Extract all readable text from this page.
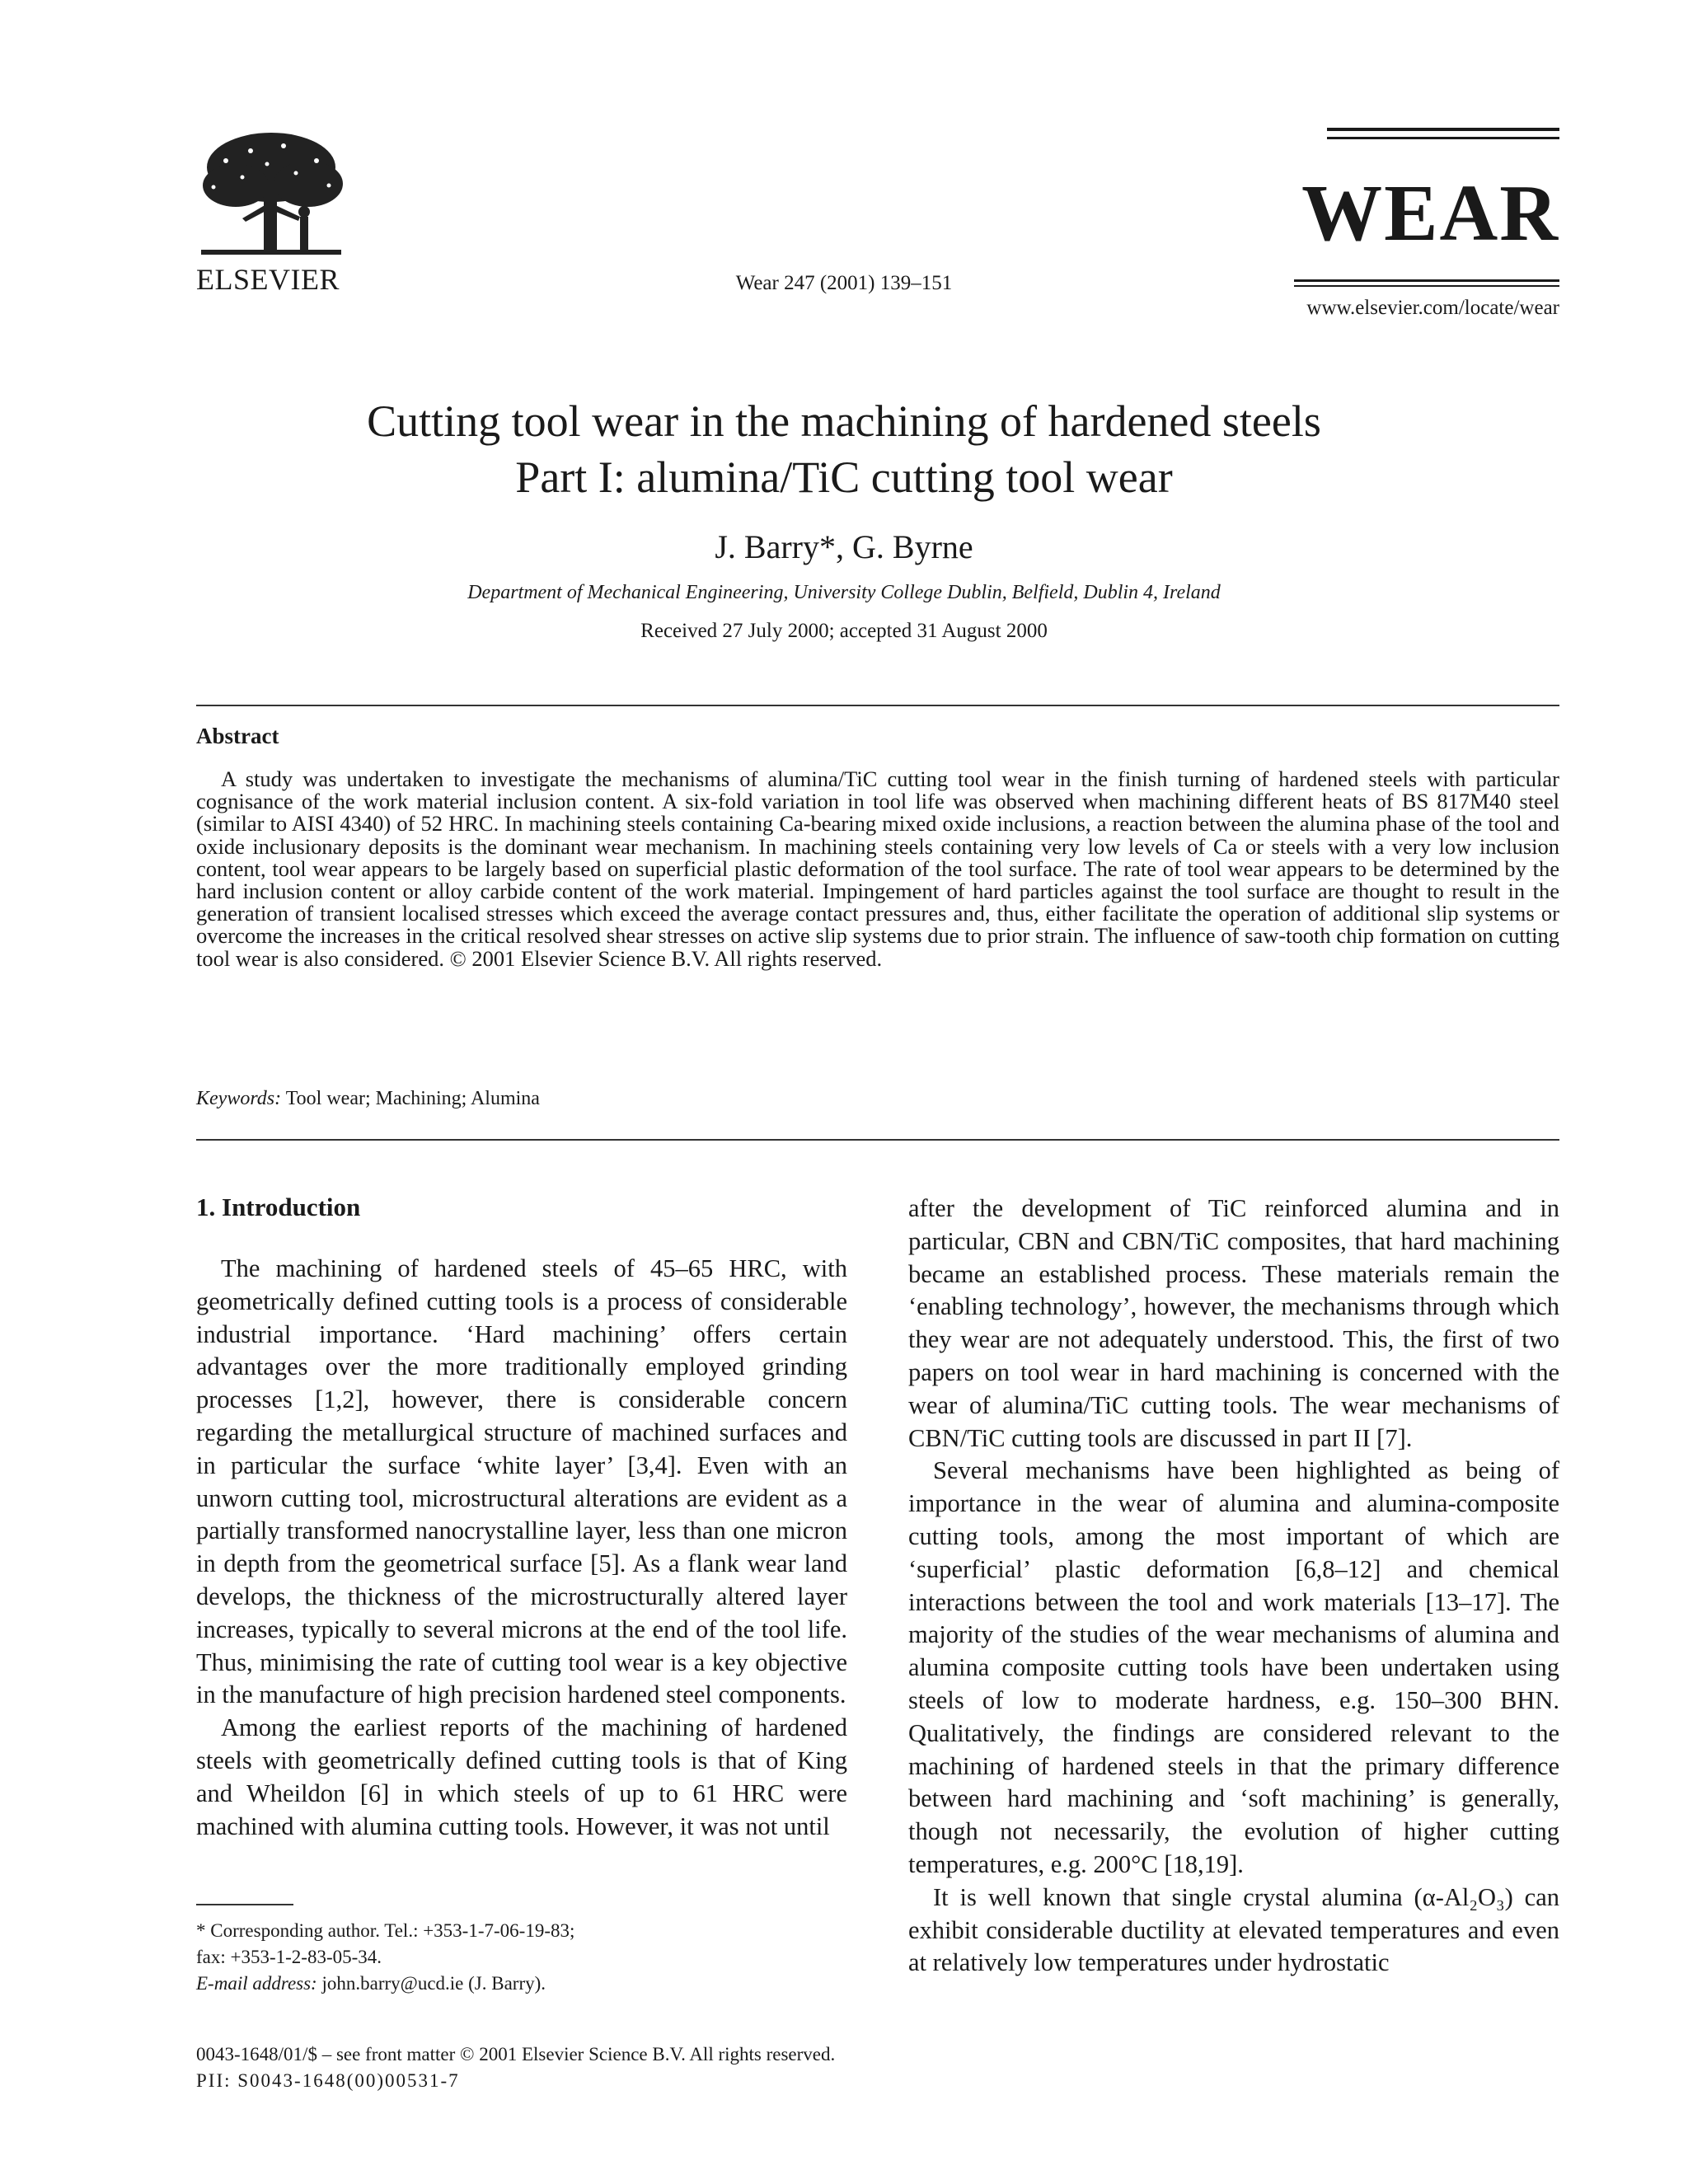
ELSEVIER	Wear 247 (2001) 139–151
WEAR
www.elsevier.com/locate/wear
Cutting tool wear in the machining of hardened steels
Part I: alumina/TiC cutting tool wear
J. Barry*, G. Byrne
Department of Mechanical Engineering, University College Dublin, Belfield, Dublin 4, Ireland
Received 27 July 2000; accepted 31 August 2000
Abstract
A study was undertaken to investigate the mechanisms of alumina/TiC cutting tool wear in the finish turning of hardened steels with particular cognisance of the work material inclusion content. A six-fold variation in tool life was observed when machining different heats of BS 817M40 steel (similar to AISI 4340) of 52 HRC. In machining steels containing Ca-bearing mixed oxide inclusions, a reaction between the alumina phase of the tool and oxide inclusionary deposits is the dominant wear mechanism. In machining steels containing very low levels of Ca or steels with a very low inclusion content, tool wear appears to be largely based on superficial plastic deformation of the tool surface. The rate of tool wear appears to be determined by the hard inclusion content or alloy carbide content of the work material. Impingement of hard particles against the tool surface are thought to result in the generation of transient localised stresses which exceed the average contact pressures and, thus, either facilitate the operation of additional slip systems or overcome the increases in the critical resolved shear stresses on active slip systems due to prior strain. The influence of saw-tooth chip formation on cutting tool wear is also considered. © 2001 Elsevier Science B.V. All rights reserved.
Keywords: Tool wear; Machining; Alumina
1. Introduction

The machining of hardened steels of 45–65 HRC, with geometrically defined cutting tools is a process of considerable industrial importance. ‘Hard machining’ offers certain advantages over the more traditionally employed grinding processes [1,2], however, there is considerable concern regarding the metallurgical structure of machined surfaces and in particular the surface ‘white layer’ [3,4]. Even with an unworn cutting tool, microstructural alterations are evident as a partially transformed nanocrystalline layer, less than one micron in depth from the geometrical surface [5]. As a flank wear land develops, the thickness of the microstructurally altered layer increases, typically to several microns at the end of the tool life. Thus, minimising the rate of cutting tool wear is a key objective in the manufacture of high precision hardened steel components.

Among the earliest reports of the machining of hardened steels with geometrically defined cutting tools is that of King and Wheildon [6] in which steels of up to 61 HRC were machined with alumina cutting tools. However, it was not until

after the development of TiC reinforced alumina and in particular, CBN and CBN/TiC composites, that hard machining became an established process. These materials remain the ‘enabling technology’, however, the mechanisms through which they wear are not adequately understood. This, the first of two papers on tool wear in hard machining is concerned with the wear of alumina/TiC cutting tools. The wear mechanisms of CBN/TiC cutting tools are discussed in part II [7].

Several mechanisms have been highlighted as being of importance in the wear of alumina and alumina-composite cutting tools, among the most important of which are ‘superficial’ plastic deformation [6,8–12] and chemical interactions between the tool and work materials [13–17]. The majority of the studies of the wear mechanisms of alumina and alumina composite cutting tools have been undertaken using steels of low to moderate hardness, e.g. 150–300 BHN. Qualitatively, the findings are considered relevant to the machining of hardened steels in that the primary difference between hard machining and ‘soft machining’ is generally, though not necessarily, the evolution of higher cutting temperatures, e.g. 200°C [18,19].

It is well known that single crystal alumina (α-Al₂O₃) can exhibit considerable ductility at elevated temperatures and even at relatively low temperatures under hydrostatic

* Corresponding author. Tel.: +353-1-7-06-19-83;
fax: +353-1-2-83-05-34.
E-mail address: john.barry@ucd.ie (J. Barry).
0043-1648/01/$ – see front matter © 2001 Elsevier Science B.V. All rights reserved.
PII: S0043-1648(00)00531-7
